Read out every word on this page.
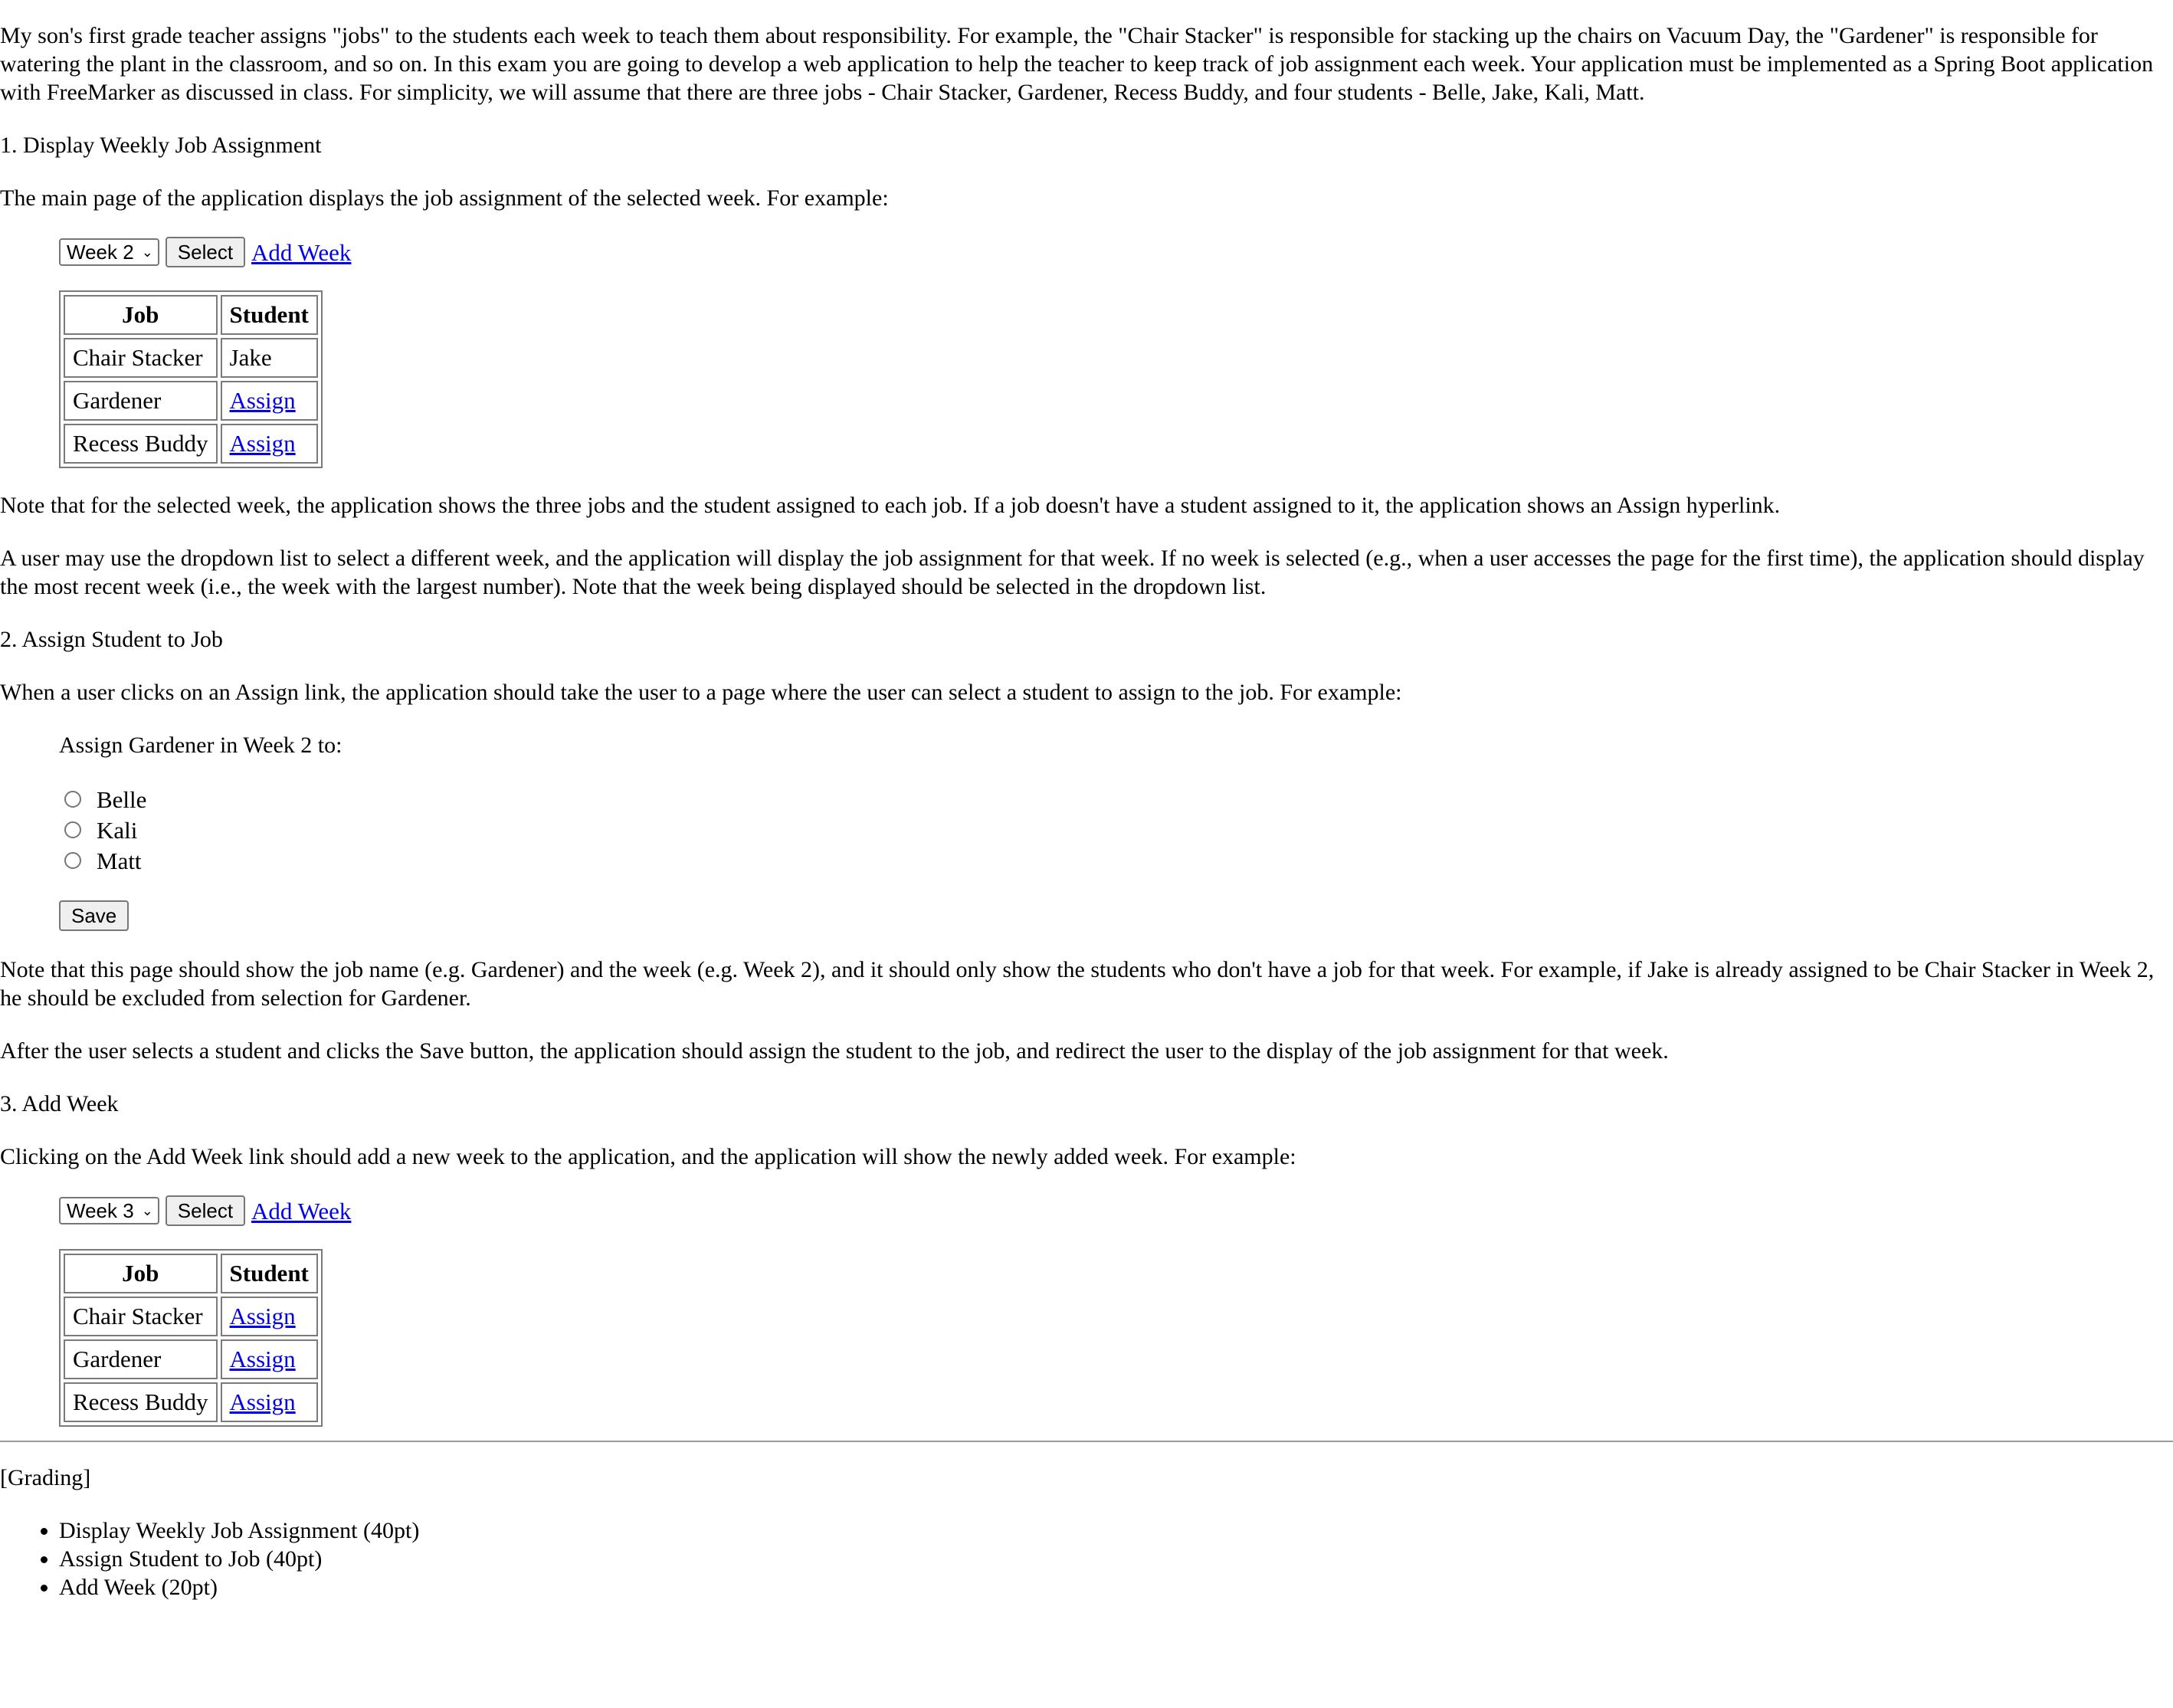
My son's first grade teacher assigns "jobs" to the students each week to teach them about responsibility. For example, the "Chair Stacker" is responsible for stacking up the chairs on Vacuum Day, the "Gardener" is responsible for watering the plant in the classroom, and so on. In this exam you are going to develop a web application to help the teacher to keep track of job assignment each week. Your application must be implemented as a Spring Boot application with FreeMarker as discussed in class. For simplicity, we will assume that there are three jobs - Chair Stacker, Gardener, Recess Buddy, and four students - Belle, Jake, Kali, Matt.

1. Display Weekly Job Assignment

The main page of the application displays the job assignment of the selected week. For example:

Week 2 ⌄	Select Add Week
Job	Student
Chair Stacker	Jake
Gardener	Assign
Recess Buddy	Assign

Note that for the selected week, the application shows the three jobs and the student assigned to each job. If a job doesn't have a student assigned to it, the application shows an Assign hyperlink.

A user may use the dropdown list to select a different week, and the application will display the job assignment for that week. If no week is selected (e.g., when a user accesses the page for the first time), the application should display the most recent week (i.e., the week with the largest number). Note that the week being displayed should be selected in the dropdown list.

2. Assign Student to Job

When a user clicks on an Assign link, the application should take the user to a page where the user can select a student to assign to the job. For example:

Assign Gardener in Week 2 to:

Belle
Kali
Matt
Save

Note that this page should show the job name (e.g. Gardener) and the week (e.g. Week 2), and it should only show the students who don't have a job for that week. For example, if Jake is already assigned to be Chair Stacker in Week 2, he should be excluded from selection for Gardener.

After the user selects a student and clicks the Save button, the application should assign the student to the job, and redirect the user to the display of the job assignment for that week.

3. Add Week

Clicking on the Add Week link should add a new week to the application, and the application will show the newly added week. For example:

Week 3 ⌄	Select Add Week
Job	Student
Chair Stacker	Assign
Gardener	Assign
Recess Buddy	Assign

[Grading]

• Display Weekly Job Assignment (40pt)
• Assign Student to Job (40pt)
• Add Week (20pt)
